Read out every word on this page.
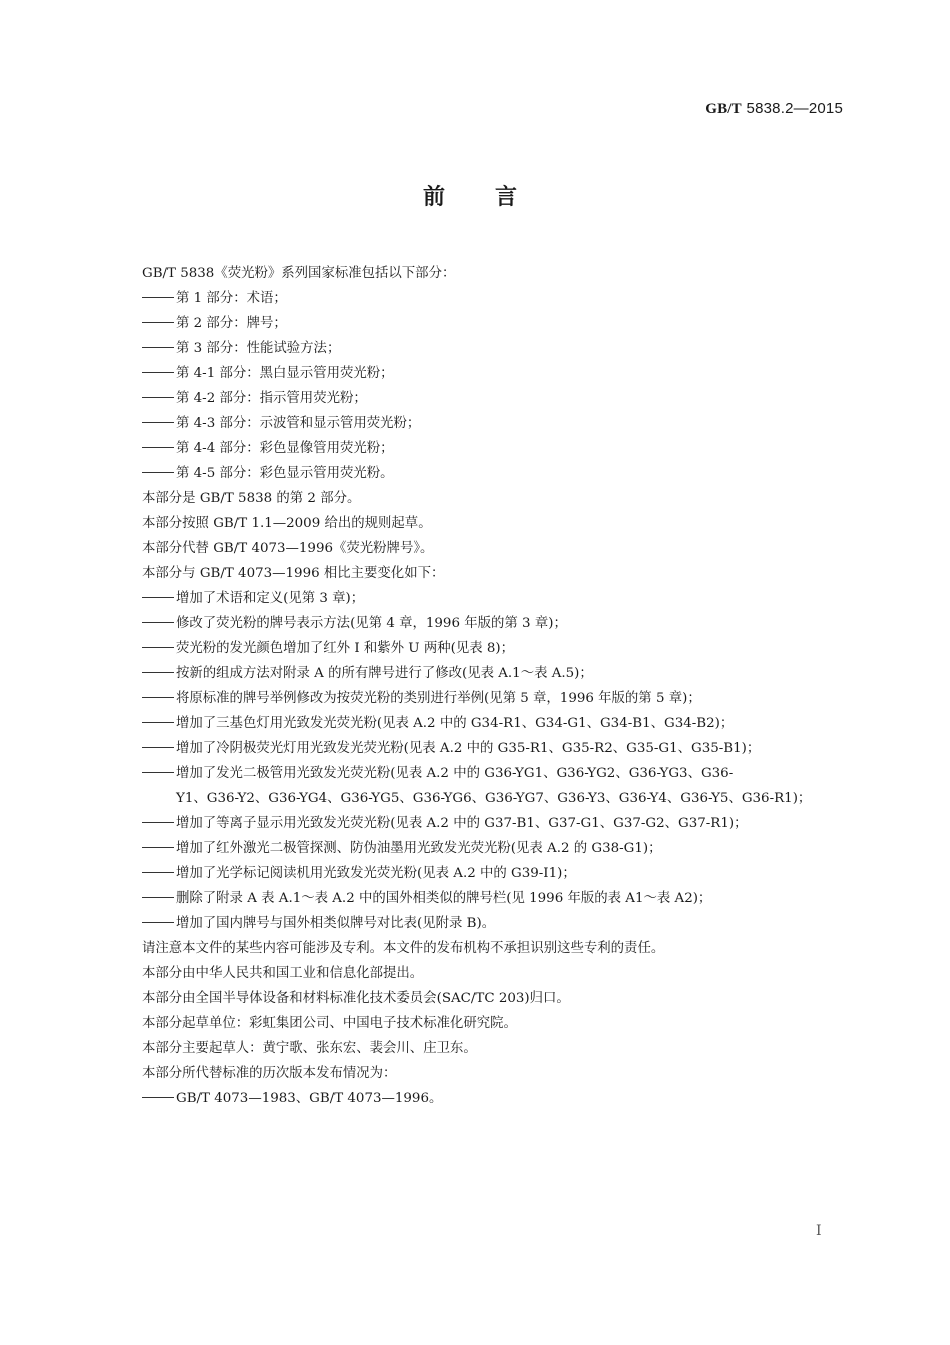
GB/T 5838.2—2015
前言
GB/T 5838《荧光粉》系列国家标准包括以下部分：
第 1 部分：术语；
第 2 部分：牌号；
第 3 部分：性能试验方法；
第 4-1 部分：黑白显示管用荧光粉；
第 4-2 部分：指示管用荧光粉；
第 4-3 部分：示波管和显示管用荧光粉；
第 4-4 部分：彩色显像管用荧光粉；
第 4-5 部分：彩色显示管用荧光粉。
本部分是 GB/T 5838 的第 2 部分。
本部分按照 GB/T 1.1—2009 给出的规则起草。
本部分代替 GB/T 4073—1996《荧光粉牌号》。
本部分与 GB/T 4073—1996 相比主要变化如下：
增加了术语和定义(见第 3 章)；
修改了荧光粉的牌号表示方法(见第 4 章，1996 年版的第 3 章)；
荧光粉的发光颜色增加了红外 I 和紫外 U 两种(见表 8)；
按新的组成方法对附录 A 的所有牌号进行了修改(见表 A.1～表 A.5)；
将原标准的牌号举例修改为按荧光粉的类别进行举例(见第 5 章，1996 年版的第 5 章)；
增加了三基色灯用光致发光荧光粉(见表 A.2 中的 G34-R1、G34-G1、G34-B1、G34-B2)；
增加了冷阴极荧光灯用光致发光荧光粉(见表 A.2 中的 G35-R1、G35-R2、G35-G1、G35-B1)；
增加了发光二极管用光致发光荧光粉(见表 A.2 中的 G36-YG1、G36-YG2、G36-YG3、G36-
Y1、G36-Y2、G36-YG4、G36-YG5、G36-YG6、G36-YG7、G36-Y3、G36-Y4、G36-Y5、G36-R1)；
增加了等离子显示用光致发光荧光粉(见表 A.2 中的 G37-B1、G37-G1、G37-G2、G37-R1)；
增加了红外激光二极管探测、防伪油墨用光致发光荧光粉(见表 A.2 的 G38-G1)；
增加了光学标记阅读机用光致发光荧光粉(见表 A.2 中的 G39-I1)；
删除了附录 A 表 A.1～表 A.2 中的国外相类似的牌号栏(见 1996 年版的表 A1～表 A2)；
增加了国内牌号与国外相类似牌号对比表(见附录 B)。
请注意本文件的某些内容可能涉及专利。本文件的发布机构不承担识别这些专利的责任。
本部分由中华人民共和国工业和信息化部提出。
本部分由全国半导体设备和材料标准化技术委员会(SAC/TC 203)归口。
本部分起草单位：彩虹集团公司、中国电子技术标准化研究院。
本部分主要起草人：黄宁歌、张东宏、裴会川、庄卫东。
本部分所代替标准的历次版本发布情况为：
GB/T 4073—1983、GB/T 4073—1996。
I
